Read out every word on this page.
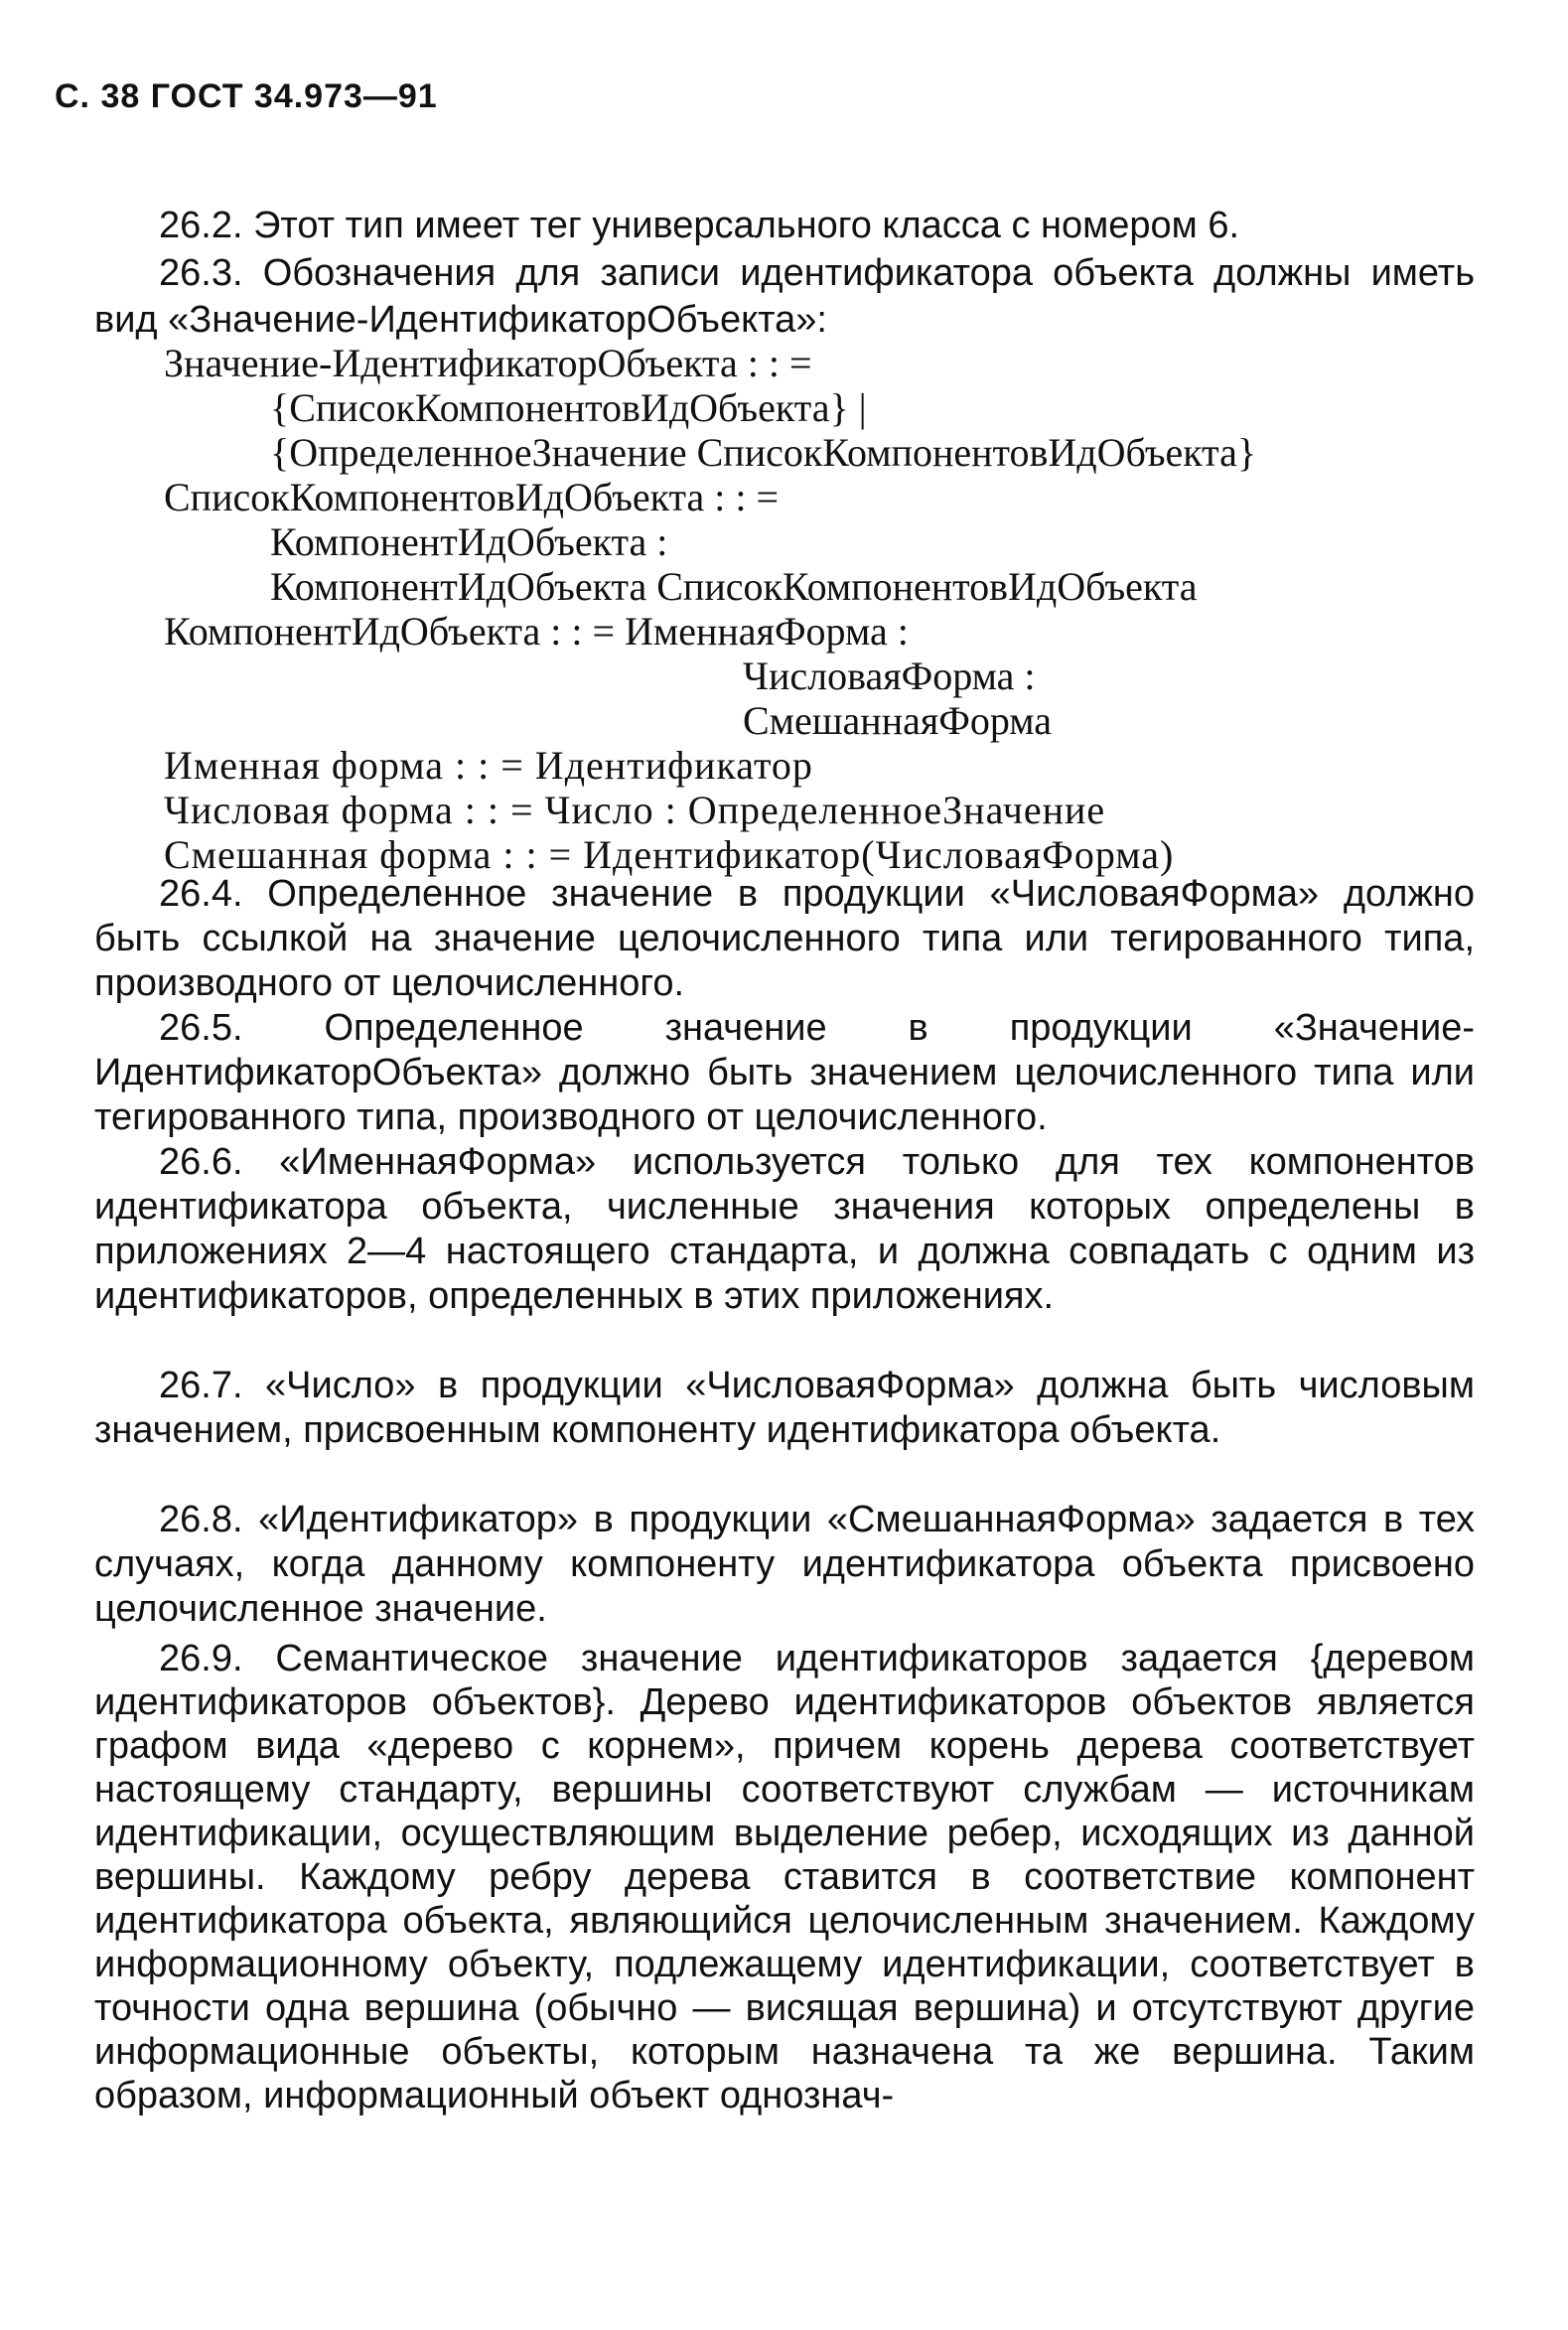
С. 38 ГОСТ 34.973—91

26.2. Этот тип имеет тег универсального класса с номером 6.

26.3. Обозначения для записи идентификатора объекта должны иметь вид «Значение-ИдентификаторОбъекта»:

Значение-ИдентификаторОбъекта : : =
{СписокКомпонентовИдОбъекта} |
{ОпределенноеЗначение СписокКомпонентовИдОбъекта}
СписокКомпонентовИдОбъекта : : =
КомпонентИдОбъекта :
КомпонентИдОбъекта СписокКомпонентовИдОбъекта
КомпонентИдОбъекта : : = ИменнаяФорма :
ЧисловаяФорма :
СмешаннаяФорма
Именная форма : : = Идентификатор
Числовая форма : : = Число : ОпределенноеЗначение
Смешанная форма : : = Идентификатор(ЧисловаяФорма)

26.4. Определенное значение в продукции «ЧисловаяФорма» должно быть ссылкой на значение целочисленного типа или тегированного типа, производного от целочисленного.

26.5. Определенное значение в продукции «Значение-ИдентификаторОбъекта» должно быть значением целочисленного типа или тегированного типа, производного от целочисленного.

26.6. «ИменнаяФорма» используется только для тех компонентов идентификатора объекта, численные значения которых определены в приложениях 2—4 настоящего стандарта, и должна совпадать с одним из идентификаторов, определенных в этих приложениях.

26.7. «Число» в продукции «ЧисловаяФорма» должна быть числовым значением, присвоенным компоненту идентификатора объекта.

26.8. «Идентификатор» в продукции «СмешаннаяФорма» задается в тех случаях, когда данному компоненту идентификатора объекта присвоено целочисленное значение.

26.9. Семантическое значение идентификаторов задается {деревом идентификаторов объектов}. Дерево идентификаторов объектов является графом вида «дерево с корнем», причем корень дерева соответствует настоящему стандарту, вершины соответствуют службам — источникам идентификации, осуществляющим выделение ребер, исходящих из данной вершины. Каждому ребру дерева ставится в соответствие компонент идентификатора объекта, являющийся целочисленным значением. Каждому информационному объекту, подлежащему идентификации, соответствует в точности одна вершина (обычно — висящая вершина) и отсутствуют другие информационные объекты, которым назначена та же вершина. Таким образом, информационный объект однознач-
